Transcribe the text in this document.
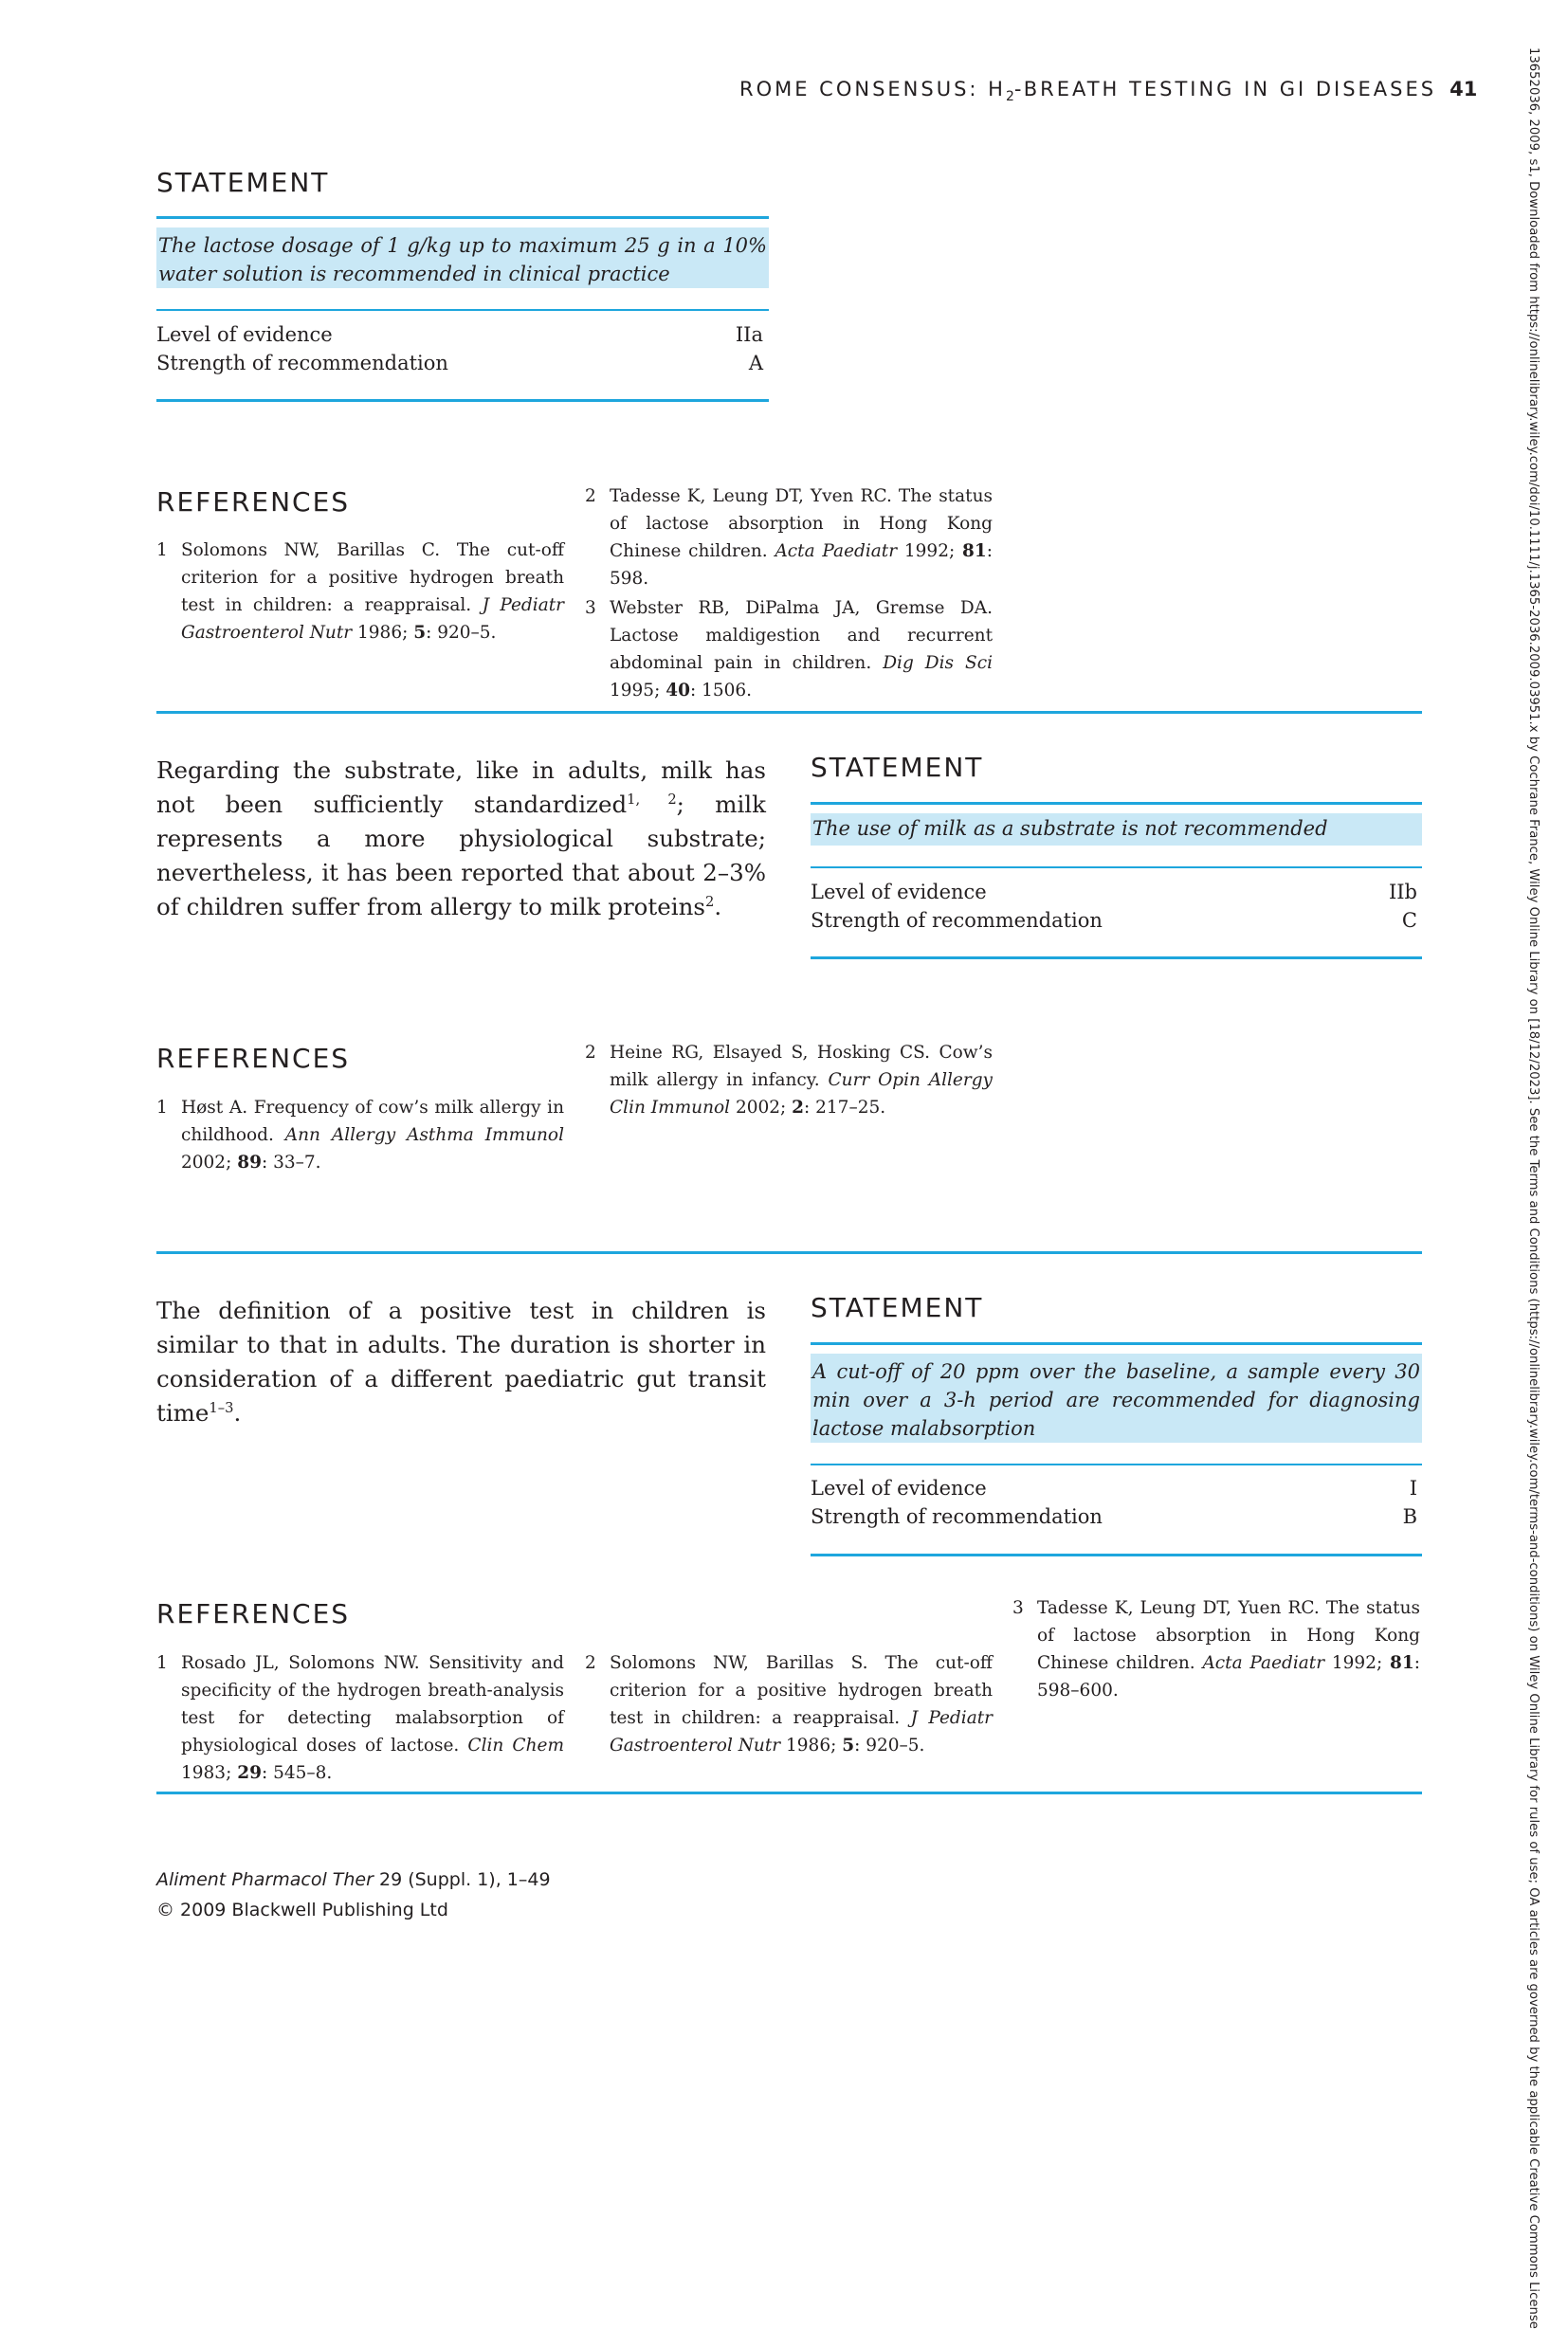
ROME CONSENSUS: $H_2$-BREATH TESTING IN GI DISEASES 41	13652036, 2009, s1, Downloaded from https://onlinelibrary.wiley.com/doi/10.1111/j.1365-2036.2009.03951.x by Cochrane France, Wiley Online Library on [18/12/2023]. See the Terms and Conditions (https://onlinelibrary.wiley.com/terms-and-conditions) on Wiley Online Library for rules of use; OA articles are governed by the applicable Creative Commons License
STATEMENT
The lactose dosage of 1 g/kg up to maximum 25 g in a 10% water solution is recommended in clinical practice
Level of evidence	IIa
Strength of recommendation	A
REFERENCES
1 Solomons NW, Barillas C. The cut-off criterion for a positive hydrogen breath test in children: a reappraisal. J Pediatr Gastroenterol Nutr 1986; 5: 920–5.
2 Tadesse K, Leung DT, Yven RC. The status of lactose absorption in Hong Kong Chinese children. Acta Paediatr 1992; 81: 598.
3 Webster RB, DiPalma JA, Gremse DA. Lactose maldigestion and recurrent abdominal pain in children. Dig Dis Sci 1995; 40: 1506.
Regarding the substrate, like in adults, milk has not been sufficiently standardized$^{1, 2}$; milk represents a more physiological substrate; nevertheless, it has been reported that about 2–3% of children suffer from allergy to milk proteins$^2$.
STATEMENT
The use of milk as a substrate is not recommended
Level of evidence	IIb
Strength of recommendation	C
REFERENCES
1 Høst A. Frequency of cow’s milk allergy in childhood. Ann Allergy Asthma Immunol 2002; 89: 33–7.
2 Heine RG, Elsayed S, Hosking CS. Cow’s milk allergy in infancy. Curr Opin Allergy Clin Immunol 2002; 2: 217–25.
The definition of a positive test in children is similar to that in adults. The duration is shorter in consideration of a different paediatric gut transit time$^{1-3}$.
STATEMENT
A cut-off of 20 ppm over the baseline, a sample every 30 min over a 3-h period are recommended for diagnosing lactose malabsorption
Level of evidence	I
Strength of recommendation	B
REFERENCES
1 Rosado JL, Solomons NW. Sensitivity and specificity of the hydrogen breath-analysis test for detecting malabsorption of physiological doses of lactose. Clin Chem 1983; 29: 545–8.
2 Solomons NW, Barillas S. The cut-off criterion for a positive hydrogen breath test in children: a reappraisal. J Pediatr Gastroenterol Nutr 1986; 5: 920–5.
3 Tadesse K, Leung DT, Yuen RC. The status of lactose absorption in Hong Kong Chinese children. Acta Paediatr 1992; 81: 598–600.
Aliment Pharmacol Ther 29 (Suppl. 1), 1–49
© 2009 Blackwell Publishing Ltd
